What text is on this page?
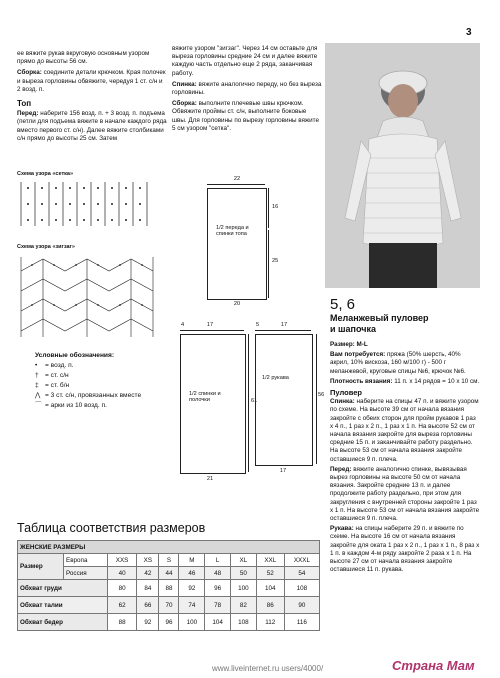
3
ее вяжите рукав вкруговую основным узором прямо до высоты 56 см.
Сборка: соедините детали крючком. Края полочек и выреза горловины обвяжите, чередуя 1 ст. с/н и 2 возд. п.
Топ
Перед: наберите 156 возд. п. + 3 возд. п. подъема (петли для подъема вяжите в начале каждого ряда вместо первого ст. с/н). Далее вяжите столбиками с/н прямо до высоты 25 см. Затем
вяжите узором "зигзаг". Через 14 см оставьте для выреза горловины средние 24 см и далее вяжите каждую часть отдельно еще 2 ряда, заканчивая работу.
Спинка: вяжите аналогично переду, но без выреза горловины.
Сборка: выполните плечевые швы крючком. Обвяжите проймы ст. с/н, выполните боковые швы. Для горловины по вырезу горловины вяжите 5 см узором "сетка".
5, 6
Меланжевый пуловер и шапочка
Размер: M-L
Вам потребуется: пряжа (50% шерсть, 40% акрил, 10% вискоза, 160 м/100 г) - 500 г меланжевой, круговые спицы №6, крючок №6.
Плотность вязания: 11 п. x 14 рядов = 10 x 10 см.
Пуловер
Спинка: наберите на спицы 47 п. и вяжите узором по схеме. На высоте 39 см от начала вязания закройте с обеих сторон для пройм рукавов 1 раз x 4 п., 1 раз x 2 п., 1 раз x 1 п. На высоте 52 см от начала вязания закройте для выреза горловины средние 15 п. и заканчивайте работу раздельно. На высоте 53 см от начала вязания закройте оставшиеся 9 п. плеча.
Перед: вяжите аналогично спинке, вывязывая вырез горловины на высоте 50 см от начала вязания. Закройте средние 13 п. и далее продолжите работу раздельно, при этом для закругления с внутренней стороны закройте 1 раз x 1 п. На высоте 53 см от начала вязания закройте оставшиеся 9 п. плеча.
Рукава: на спицы наберите 29 п. и вяжите по схеме. На высоте 16 см от начала вязания закройте для оката 1 раз x 2 п., 1 раз x 1 п., 8 раз x 1 п. в каждом 4-м ряду закройте 2 раза x 1 п. На высоте 27 см от начала вязания закройте оставшиеся 11 п. рукава.
Схема узора «сетка»
Схема узора «зигзаг»
Условные обозначения:
• = возд. п.
† = ст. с/н
‡ = ст. б/н
⋀ = 3 ст. с/н, провязанных вместе
⌒ = арки из 10 возд. п.
22
1/2 переда и спинки топа
16
25
20
4	17
1/2 спинки и полочки	61
21
5	17
1/2 рукава
56
17
Таблица соответствия размеров
ЖЕНСКИЕ РАЗМЕРЫ									
Размер	Европа	XXS	XS	S	M	L	XL	XXL	XXXL
	Россия	40	42	44	46	48	50	52	54
Обхват груди		80	84	88	92	96	100	104	108
Обхват талии		62	66	70	74	78	82	86	90
Обхват бедер		88	92	96	100	104	108	112	116
www.liveinternet.ru users/4000/	Страна Мам
